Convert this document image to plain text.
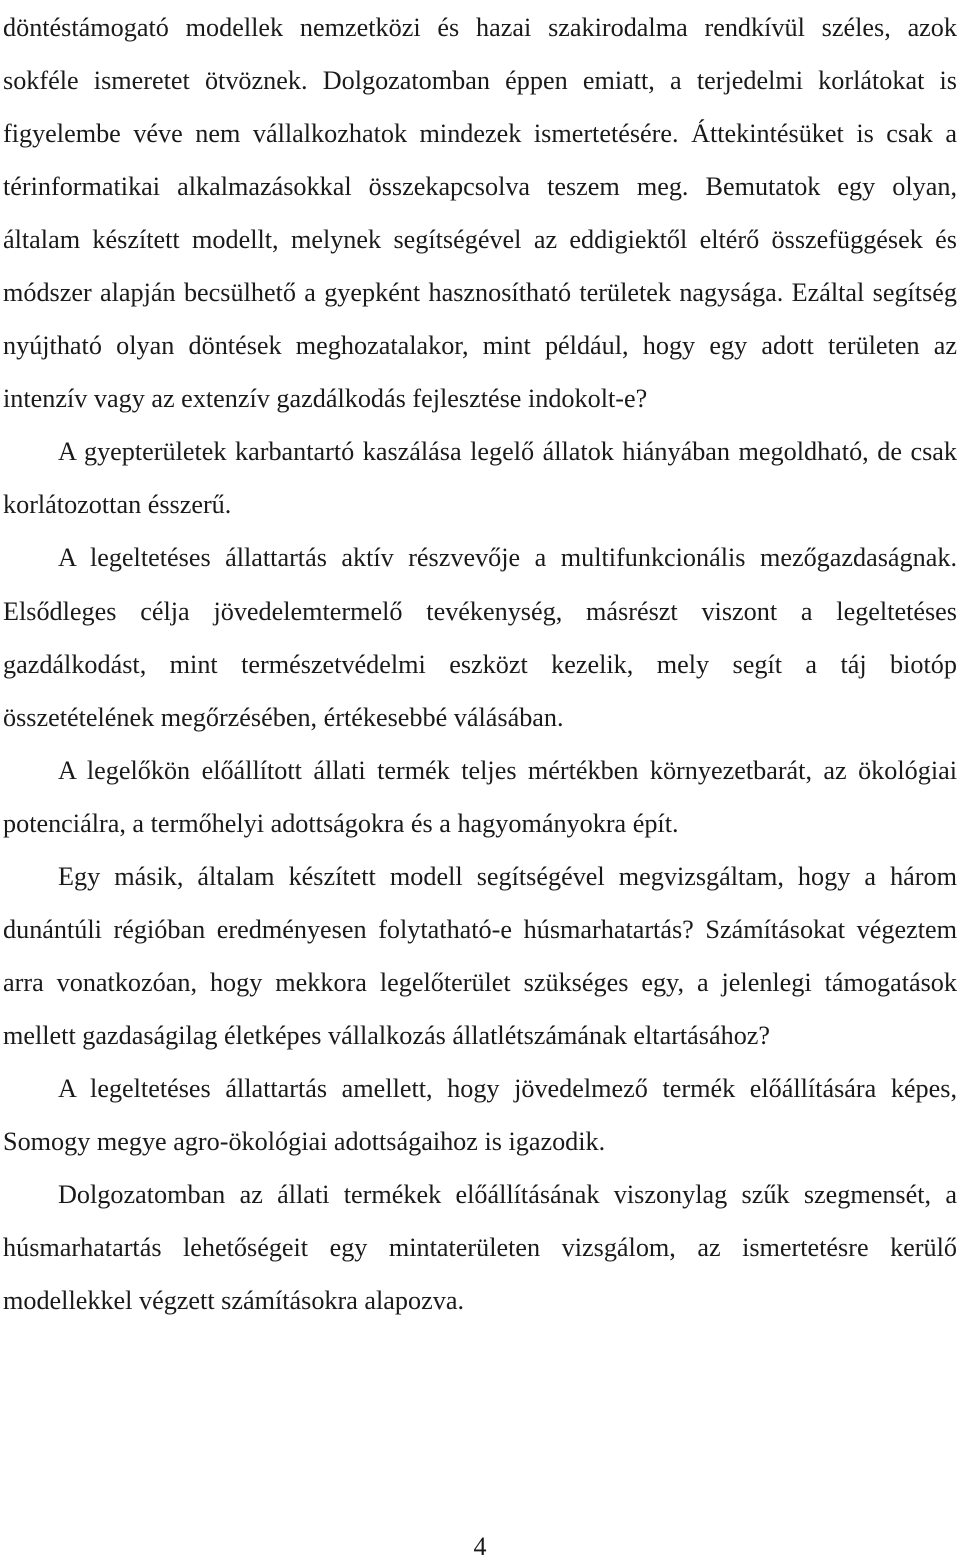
döntéstámogató modellek nemzetközi és hazai szakirodalma rendkívül széles, azok sokféle ismeretet ötvöznek. Dolgozatomban éppen emiatt, a terjedelmi korlátokat is figyelembe véve nem vállalkozhatok mindezek ismertetésére. Áttekintésüket is csak a térinformatikai alkalmazásokkal összekapcsolva teszem meg. Bemutatok egy olyan, általam készített modellt, melynek segítségével az eddigiektől eltérő összefüggések és módszer alapján becsülhető a gyepként hasznosítható területek nagysága. Ezáltal segítség nyújtható olyan döntések meghozatalakor, mint például, hogy egy adott területen az intenzív vagy az extenzív gazdálkodás fejlesztése indokolt-e?

A gyepterületek karbantartó kaszálása legelő állatok hiányában megoldható, de csak korlátozottan ésszerű.

A legeltetéses állattartás aktív részvevője a multifunkcionális mezőgazdaságnak. Elsődleges célja jövedelemtermelő tevékenység, másrészt viszont a legeltetéses gazdálkodást, mint természetvédelmi eszközt kezelik, mely segít a táj biotóp összetételének megőrzésében, értékesebbé válásában.

A legelőkön előállított állati termék teljes mértékben környezetbarát, az ökológiai potenciálra, a termőhelyi adottságokra és a hagyományokra épít.

Egy másik, általam készített modell segítségével megvizsgáltam, hogy a három dunántúli régióban eredményesen folytatható-e húsmarhatartás? Számításokat végeztem arra vonatkozóan, hogy mekkora legelőterület szükséges egy, a jelenlegi támogatások mellett gazdaságilag életképes vállalkozás állatlétszámának eltartásához?

A legeltetéses állattartás amellett, hogy jövedelmező termék előállítására képes, Somogy megye agro-ökológiai adottságaihoz is igazodik.

Dolgozatomban az állati termékek előállításának viszonylag szűk szegmensét, a húsmarhatartás lehetőségeit egy mintaterületen vizsgálom, az ismertetésre kerülő modellekkel végzett számításokra alapozva.

4
